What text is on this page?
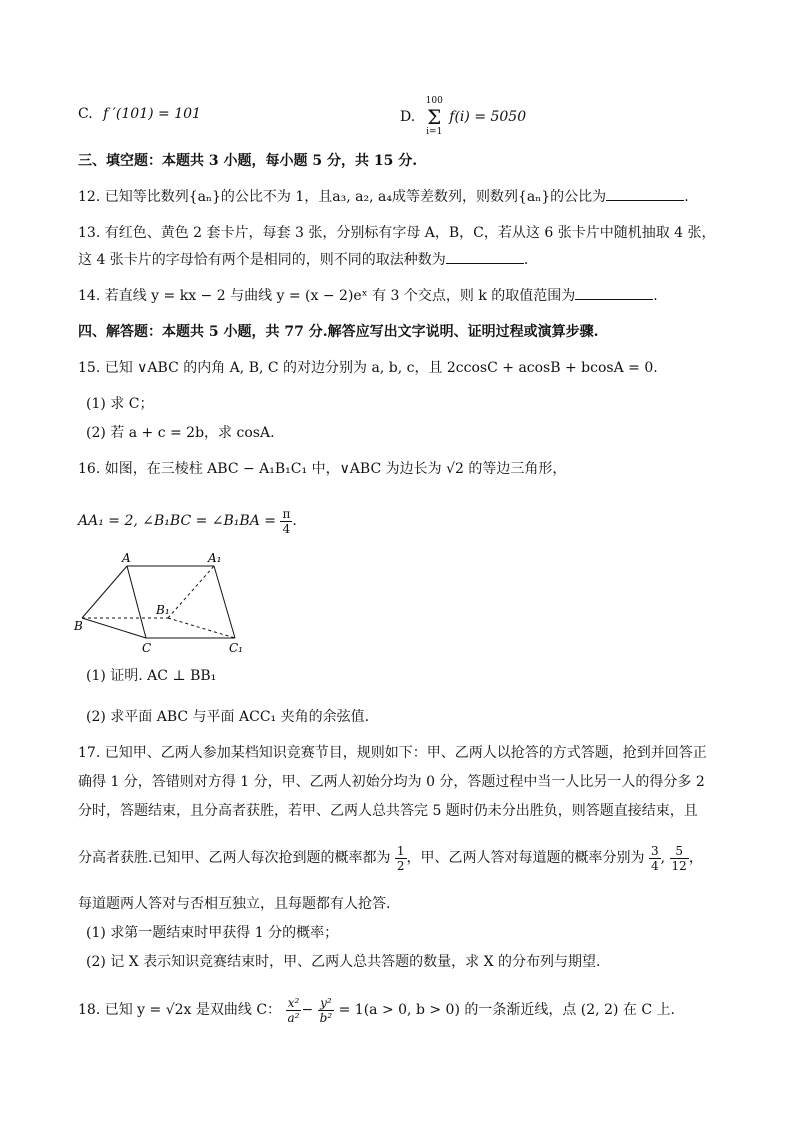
C. f ′(101) = 101	D. 100
Σ
i=1 f(i) = 5050
三、填空题：本题共 3 小题，每小题 5 分，共 15 分.
12. 已知等比数列{aₙ}的公比不为 1，且a₃, a₂, a₄成等差数列，则数列{aₙ}的公比为	.
13. 有红色、黄色 2 套卡片，每套 3 张，分别标有字母 A，B，C，若从这 6 张卡片中随机抽取 4 张，
这 4 张卡片的字母恰有两个是相同的，则不同的取法种数为	.
14. 若直线 y = kx − 2 与曲线 y = (x − 2)eˣ 有 3 个交点，则 k 的取值范围为	.
四、解答题：本题共 5 小题，共 77 分.解答应写出文字说明、证明过程或演算步骤.
15. 已知 ∨ABC 的内角 A, B, C 的对边分别为 a, b, c，且 2ccosC + acosB + bcosA = 0.
(1) 求 C；
(2) 若 a + c = 2b，求 cosA.
16. 如图，在三棱柱 ABC − A₁B₁C₁ 中，∨ABC 为边长为 √2 的等边三角形，
AA₁ = 2, ∠B₁BC = ∠B₁BA = $\frac{\pi}{4}$ .
A	A₁
B
B₁
C	C₁
(1) 证明. AC ⊥ BB₁
(2) 求平面 ABC 与平面 ACC₁ 夹角的余弦值.
17. 已知甲、乙两人参加某档知识竞赛节目，规则如下：甲、乙两人以抢答的方式答题，抢到并回答正
确得 1 分，答错则对方得 1 分，甲、乙两人初始分均为 0 分，答题过程中当一人比另一人的得分多 2
分时，答题结束，且分高者获胜，若甲、乙两人总共答完 5 题时仍未分出胜负，则答题直接结束，且
分高者获胜.已知甲、乙两人每次抢到题的概率都为 $\frac{1}{2}$ ，甲、乙两人答对每道题的概率分别为 $\frac{3}{4}$ , $\frac{5}{12}$ ，
每道题两人答对与否相互独立，且每题都有人抢答.
(1) 求第一题结束时甲获得 1 分的概率；
(2) 记 X 表示知识竞赛结束时，甲、乙两人总共答题的数量，求 X 的分布列与期望.
18. 已知 y = √2x 是双曲线 C： $\frac{\text{x²}}{\text{a²}} - \frac{\text{y²}}{\text{b²}} = 1(a > 0$, b > 0) 的一条渐近线，点 (2, 2) 在 C 上.
